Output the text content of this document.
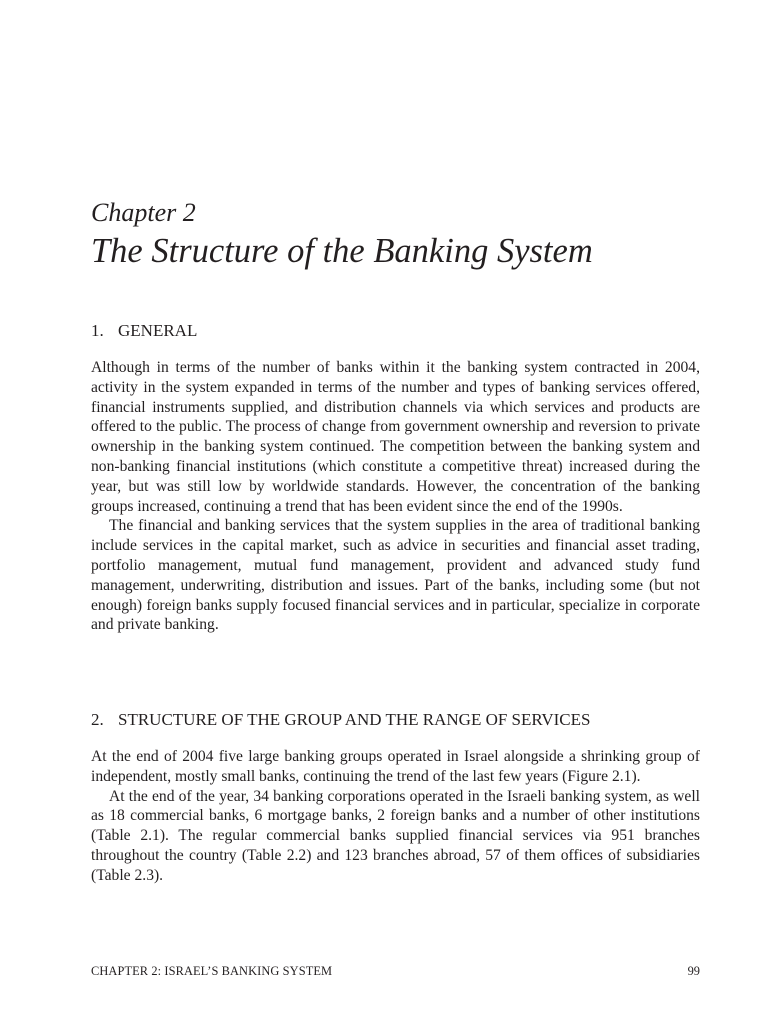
Chapter 2
The Structure of the Banking System
1. GENERAL

Although in terms of the number of banks within it the banking system contracted in 2004, activity in the system expanded in terms of the number and types of banking services offered, financial instruments supplied, and distribution channels via which services and products are offered to the public. The process of change from government ownership and reversion to private ownership in the banking system continued. The competition between the banking system and non-banking financial institutions (which constitute a competitive threat) increased during the year, but was still low by worldwide standards. However, the concentration of the banking groups increased, continuing a trend that has been evident since the end of the 1990s.

The financial and banking services that the system supplies in the area of traditional banking include services in the capital market, such as advice in securities and financial asset trading, portfolio management, mutual fund management, provident and advanced study fund management, underwriting, distribution and issues. Part of the banks, including some (but not enough) foreign banks supply focused financial services and in particular, specialize in corporate and private banking.

2. STRUCTURE OF THE GROUP AND THE RANGE OF SERVICES

At the end of 2004 five large banking groups operated in Israel alongside a shrinking group of independent, mostly small banks, continuing the trend of the last few years (Figure 2.1).

At the end of the year, 34 banking corporations operated in the Israeli banking system, as well as 18 commercial banks, 6 mortgage banks, 2 foreign banks and a number of other institutions (Table 2.1). The regular commercial banks supplied financial services via 951 branches throughout the country (Table 2.2) and 123 branches abroad, 57 of them offices of subsidiaries (Table 2.3).

CHAPTER 2: ISRAEL’S BANKING SYSTEM	99
